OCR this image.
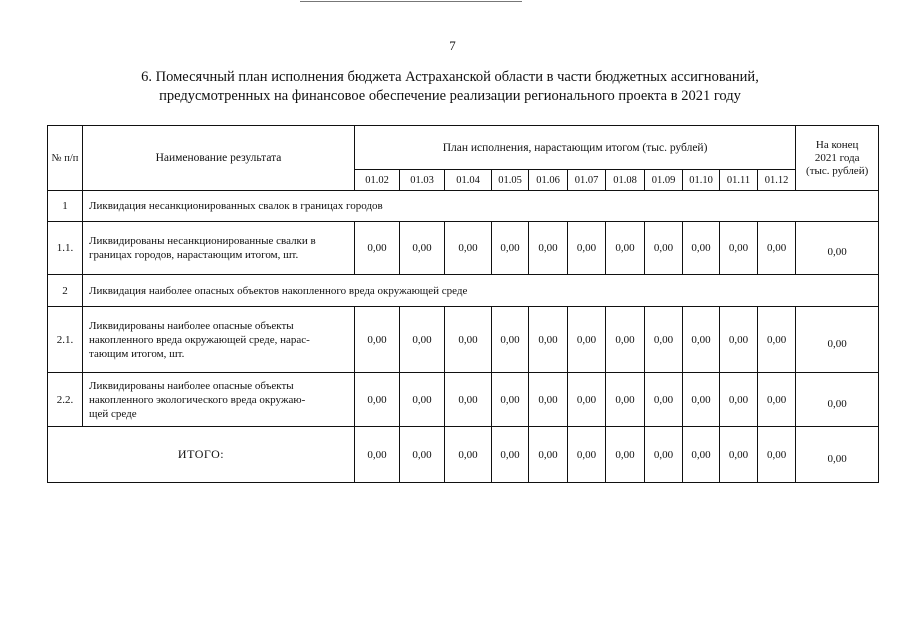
7
6. Помесячный план исполнения бюджета Астраханской области в части бюджетных ассигнований,
предусмотренных на финансовое обеспечение реализации регионального проекта в 2021 году
№ п/п	Наименование результата	План исполнения, нарастающим итогом (тыс. рублей)											На конец
2021 года
(тыс. рублей)

		01.02	01.03	01.04	01.05	01.06	01.07	01.08	01.09	01.10	01.11	01.12	
1	Ликвидация несанкционированных свалок в границах городов												
1.1.	Ликвидированы несанкционированные свалки в
границах городов, нарастающим итогом, шт.	0,00	0,00	0,00	0,00	0,00	0,00	0,00	0,00	0,00	0,00	0,00	0,00
2	Ликвидация наиболее опасных объектов накопленного вреда окружающей среде												
2.1.	Ликвидированы наиболее опасные объекты
накопленного вреда окружающей среде, нарас-
тающим итогом, шт.	0,00	0,00	0,00	0,00	0,00	0,00	0,00	0,00	0,00	0,00	0,00	0,00
2.2.	Ликвидированы наиболее опасные объекты
накопленного экологического вреда окружаю-
щей среде	0,00	0,00	0,00	0,00	0,00	0,00	0,00	0,00	0,00	0,00	0,00	0,00
ИТОГО:		0,00	0,00	0,00	0,00	0,00	0,00	0,00	0,00	0,00	0,00	0,00	0,00
